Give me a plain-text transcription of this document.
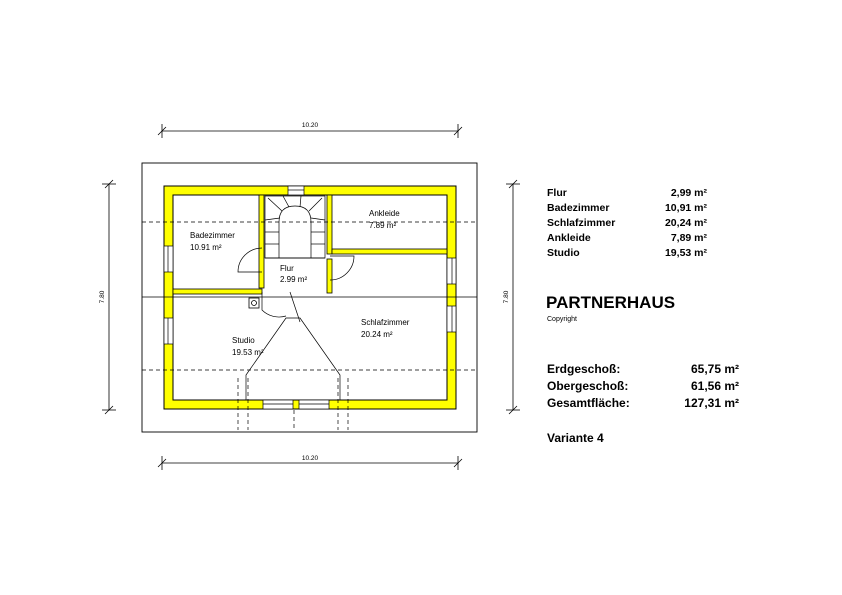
10.20
10.20
7.80	7.80
Badezimmer
10.91 m²
Flur
2.99 m²
Ankleide
7.89 m²
Studio
19.53 m²
Schlafzimmer
20.24 m²
Flur	2,99 m²
Badezimmer	10,91 m²
Schlafzimmer	20,24 m²
Ankleide	7,89 m²
Studio	19,53 m²
PARTNERHAUS
Copyright
Erdgeschoß:	65,75 m²
Obergeschoß:	61,56 m²
Gesamtfläche:	127,31 m²
Variante 4
